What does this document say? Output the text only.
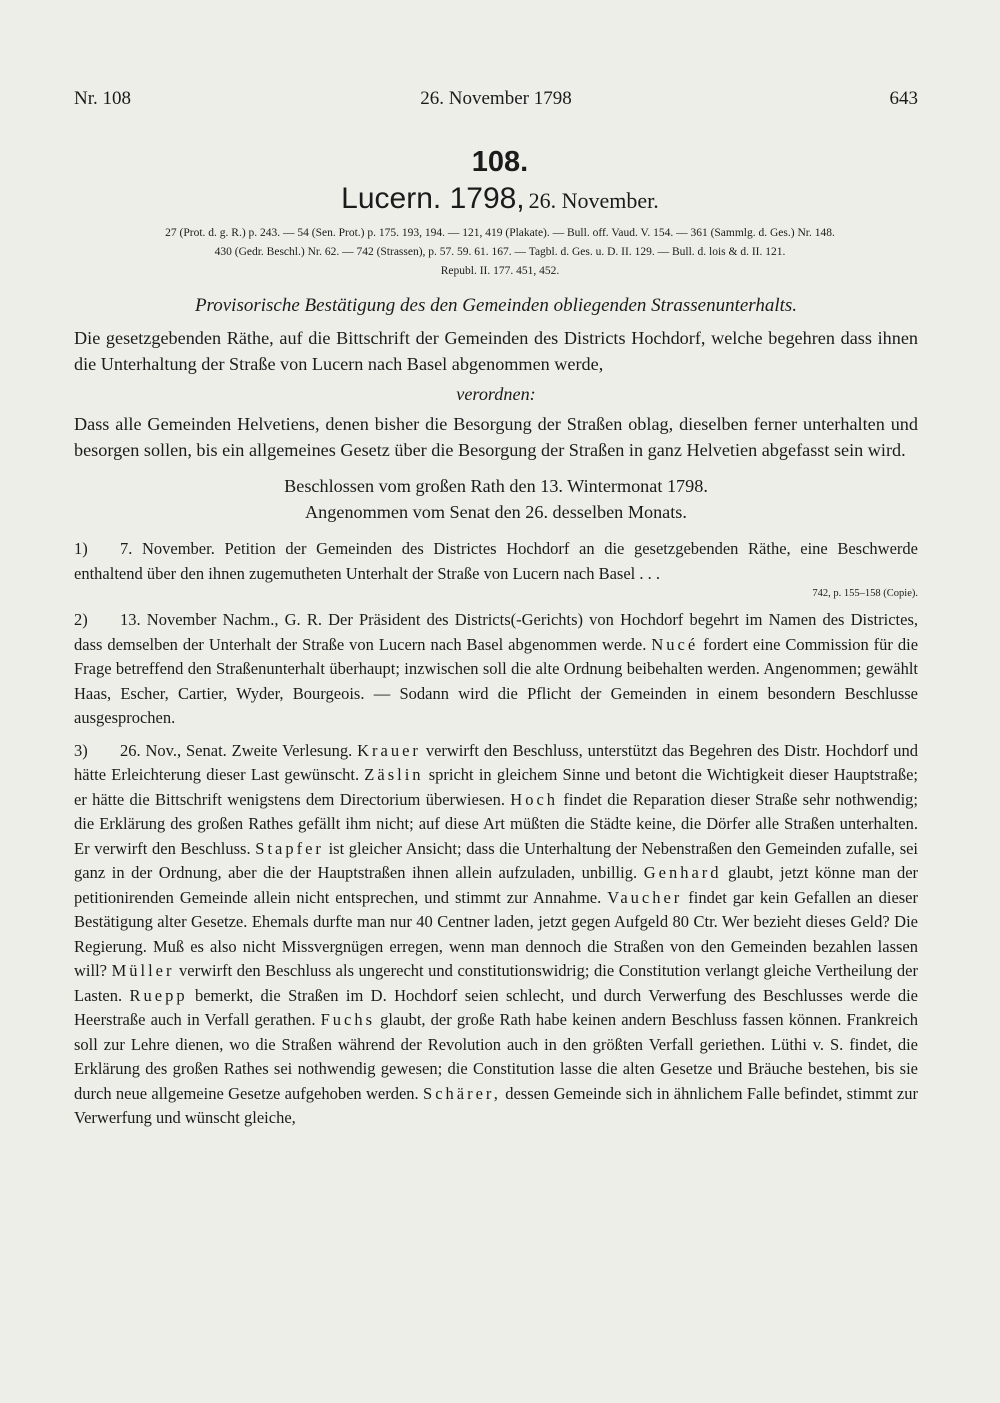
Nr. 108	26. November 1798	643
108.
Lucern. 1798, 26. November.

27 (Prot. d. g. R.) p. 243. — 54 (Sen. Prot.) p. 175. 193, 194. — 121, 419 (Plakate). — Bull. off. Vaud. V. 154. — 361 (Sammlg. d. Ges.) Nr. 148.

430 (Gedr. Beschl.) Nr. 62. — 742 (Strassen), p. 57. 59. 61. 167. — Tagbl. d. Ges. u. D. II. 129. — Bull. d. lois & d. II. 121.

Republ. II. 177. 451, 452.

Provisorische Bestätigung des den Gemeinden obliegenden Strassenunterhalts.

Die gesetzgebenden Räthe, auf die Bittschrift der Gemeinden des Districts Hochdorf, welche begehren dass ihnen die Unterhaltung der Straße von Lucern nach Basel abgenommen werde,

verordnen:

Dass alle Gemeinden Helvetiens, denen bisher die Besorgung der Straßen oblag, dieselben ferner unterhalten und besorgen sollen, bis ein allgemeines Gesetz über die Besorgung der Straßen in ganz Helvetien abgefasst sein wird.

Beschlossen vom großen Rath den 13. Wintermonat 1798.

Angenommen vom Senat den 26. desselben Monats.

1) 7. November. Petition der Gemeinden des Districtes Hochdorf an die gesetzgebenden Räthe, eine Beschwerde enthaltend über den ihnen zugemutheten Unterhalt der Straße von Lucern nach Basel . . .

742, p. 155–158 (Copie).

2) 13. November Nachm., G. R. Der Präsident des Districts(-Gerichts) von Hochdorf begehrt im Namen des Districtes, dass demselben der Unterhalt der Straße von Lucern nach Basel abgenommen werde. Nucé fordert eine Commission für die Frage betreffend den Straßenunterhalt überhaupt; inzwischen soll die alte Ordnung beibehalten werden. Angenommen; gewählt Haas, Escher, Cartier, Wyder, Bourgeois. — Sodann wird die Pflicht der Gemeinden in einem besondern Beschlusse ausgesprochen.

3) 26. Nov., Senat. Zweite Verlesung. Krauer verwirft den Beschluss, unterstützt das Begehren des Distr. Hochdorf und hätte Erleichterung dieser Last gewünscht. Zäslin spricht in gleichem Sinne und betont die Wichtigkeit dieser Hauptstraße; er hätte die Bittschrift wenigstens dem Directorium überwiesen. Hoch findet die Reparation dieser Straße sehr nothwendig; die Erklärung des großen Rathes gefällt ihm nicht; auf diese Art müßten die Städte keine, die Dörfer alle Straßen unterhalten. Er verwirft den Beschluss. Stapfer ist gleicher Ansicht; dass die Unterhaltung der Nebenstraßen den Gemeinden zufalle, sei ganz in der Ordnung, aber die der Hauptstraßen ihnen allein aufzuladen, unbillig. Genhard glaubt, jetzt könne man der petitionirenden Gemeinde allein nicht entsprechen, und stimmt zur Annahme. Vaucher findet gar kein Gefallen an dieser Bestätigung alter Gesetze. Ehemals durfte man nur 40 Centner laden, jetzt gegen Aufgeld 80 Ctr. Wer bezieht dieses Geld? Die Regierung. Muß es also nicht Missvergnügen erregen, wenn man dennoch die Straßen von den Gemeinden bezahlen lassen will? Müller verwirft den Beschluss als ungerecht und constitutionswidrig; die Constitution verlangt gleiche Vertheilung der Lasten. Ruepp bemerkt, die Straßen im D. Hochdorf seien schlecht, und durch Verwerfung des Beschlusses werde die Heerstraße auch in Verfall gerathen. Fuchs glaubt, der große Rath habe keinen andern Beschluss fassen können. Frankreich soll zur Lehre dienen, wo die Straßen während der Revolution auch in den größten Verfall geriethen. Lüthi v. S. findet, die Erklärung des großen Rathes sei nothwendig gewesen; die Constitution lasse die alten Gesetze und Bräuche bestehen, bis sie durch neue allgemeine Gesetze aufgehoben werden. Schärer, dessen Gemeinde sich in ähnlichem Falle befindet, stimmt zur Verwerfung und wünscht gleiche,
